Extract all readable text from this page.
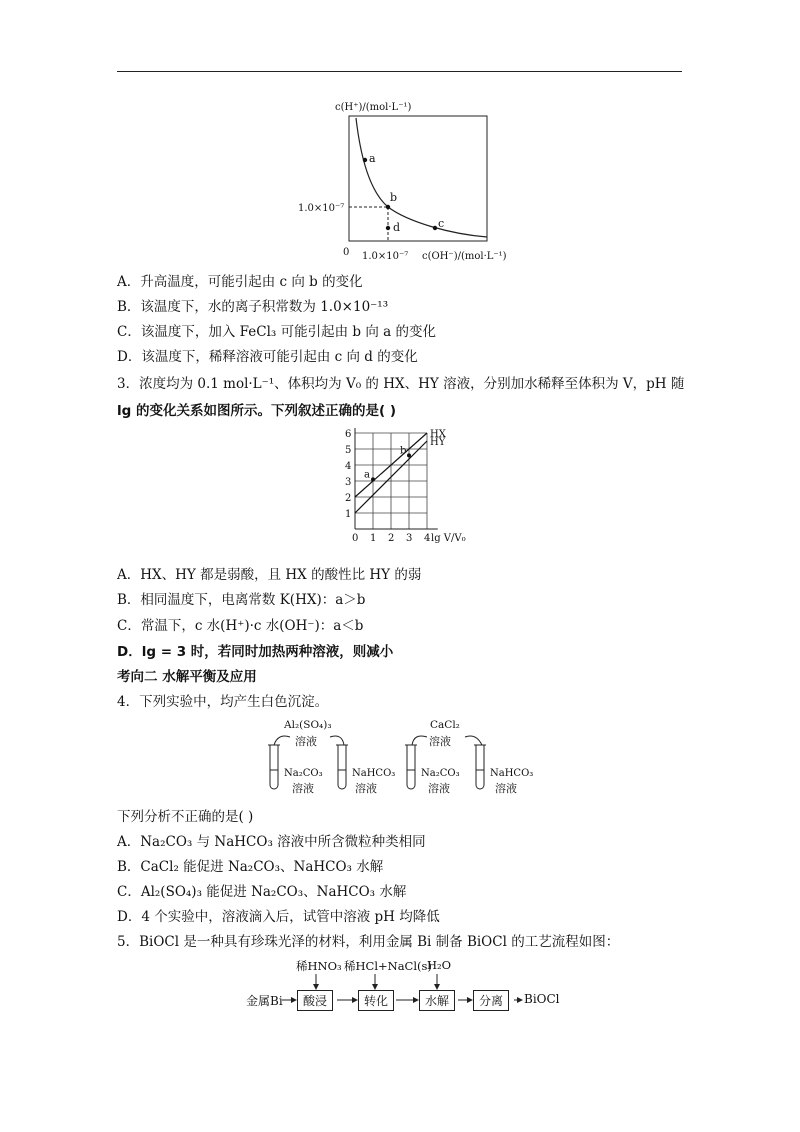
c(H⁺)/(mol·L⁻¹)
a
b
c
d
1.0×10⁻⁷
0 1.0×10⁻⁷ c(OH⁻)/(mol·L⁻¹)
A．升高温度，可能引起由 c 向 b 的变化
B．该温度下，水的离子积常数为 1.0×10⁻¹³
C．该温度下，加入 FeCl₃ 可能引起由 b 向 a 的变化
D．该温度下，稀释溶液可能引起由 c 向 d 的变化
3．浓度均为 0.1 mol·L⁻¹、体积均为 V₀ 的 HX、HY 溶液，分别加水稀释至体积为 V，pH 随
lg 的变化关系如图所示。下列叙述正确的是( )
lg V/V₀
1
2
3
4
5
6
0 1 2 3 4
HX
HY
a
b
A．HX、HY 都是弱酸，且 HX 的酸性比 HY 的弱
B．相同温度下，电离常数 K(HX)：a＞b
C．常温下，c 水(H⁺)·c 水(OH⁻)：a＜b
D．lg = 3 时，若同时加热两种溶液，则减小
考向二 水解平衡及应用
4．下列实验中，均产生白色沉淀。
Al₂(SO₄)₃
溶液
CaCl₂
溶液
Na₂CO₃
溶液
NaHCO₃
溶液
Na₂CO₃
溶液
NaHCO₃
溶液
下列分析不正确的是( )
A．Na₂CO₃ 与 NaHCO₃ 溶液中所含微粒种类相同
B．CaCl₂ 能促进 Na₂CO₃、NaHCO₃ 水解
C．Al₂(SO₄)₃ 能促进 Na₂CO₃、NaHCO₃ 水解
D．4 个实验中，溶液滴入后，试管中溶液 pH 均降低
5．BiOCl 是一种具有珍珠光泽的材料，利用金属 Bi 制备 BiOCl 的工艺流程如图：
稀HNO₃ 稀HCl+NaCl(s)
H₂O
金属Bi	酸浸	转化	水解	分离	BiOCl
